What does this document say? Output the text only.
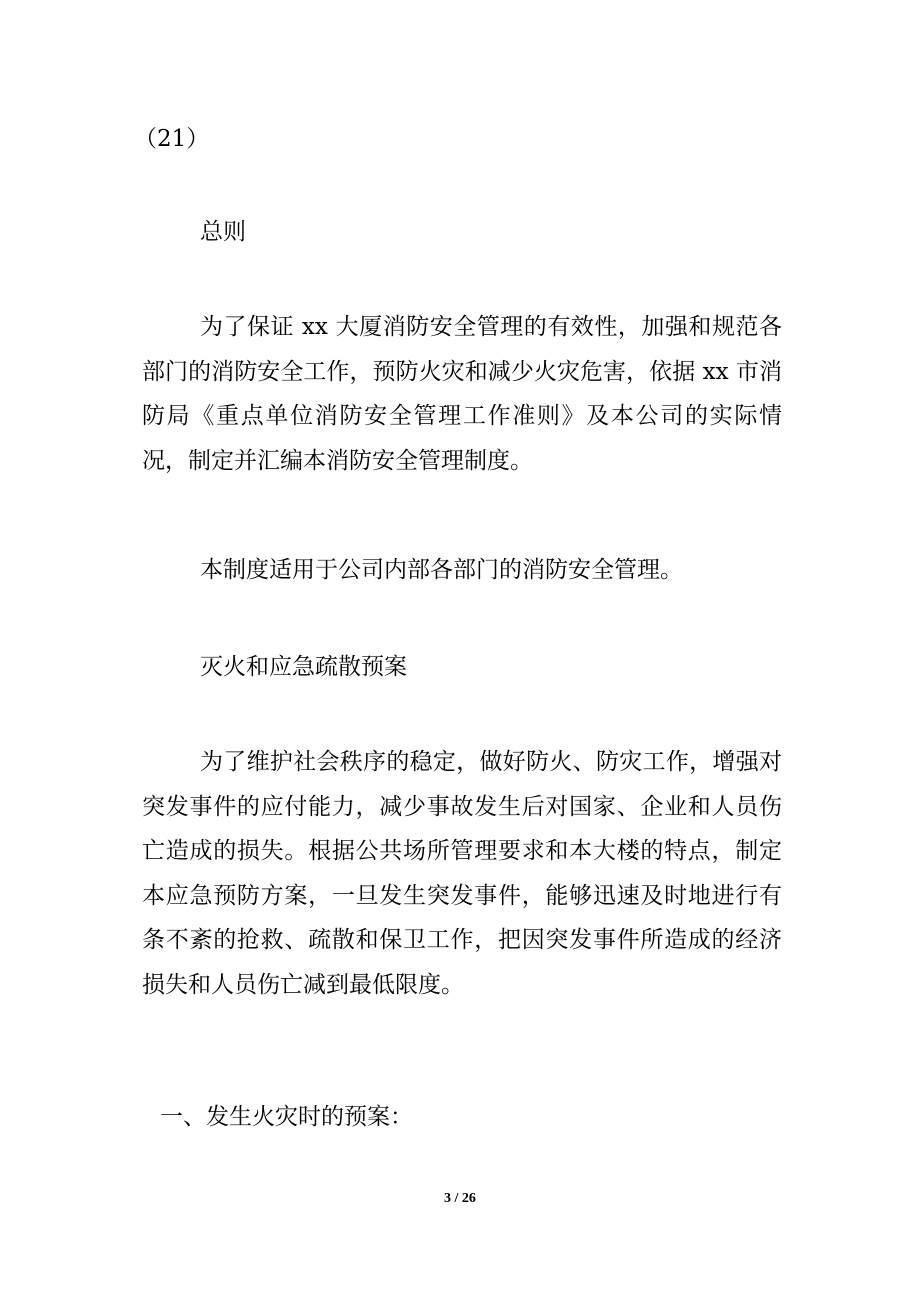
（21）

总则

为了保证 xx 大厦消防安全管理的有效性，加强和规范各部门的消防安全工作，预防火灾和减少火灾危害，依据 xx 市消防局《重点单位消防安全管理工作准则》及本公司的实际情况，制定并汇编本消防安全管理制度。

本制度适用于公司内部各部门的消防安全管理。

灭火和应急疏散预案

为了维护社会秩序的稳定，做好防火、防灾工作，增强对突发事件的应付能力，减少事故发生后对国家、企业和人员伤亡造成的损失。根据公共场所管理要求和本大楼的特点，制定本应急预防方案，一旦发生突发事件，能够迅速及时地进行有条不紊的抢救、疏散和保卫工作，把因突发事件所造成的经济损失和人员伤亡减到最低限度。

一、发生火灾时的预案：

3 / 26
